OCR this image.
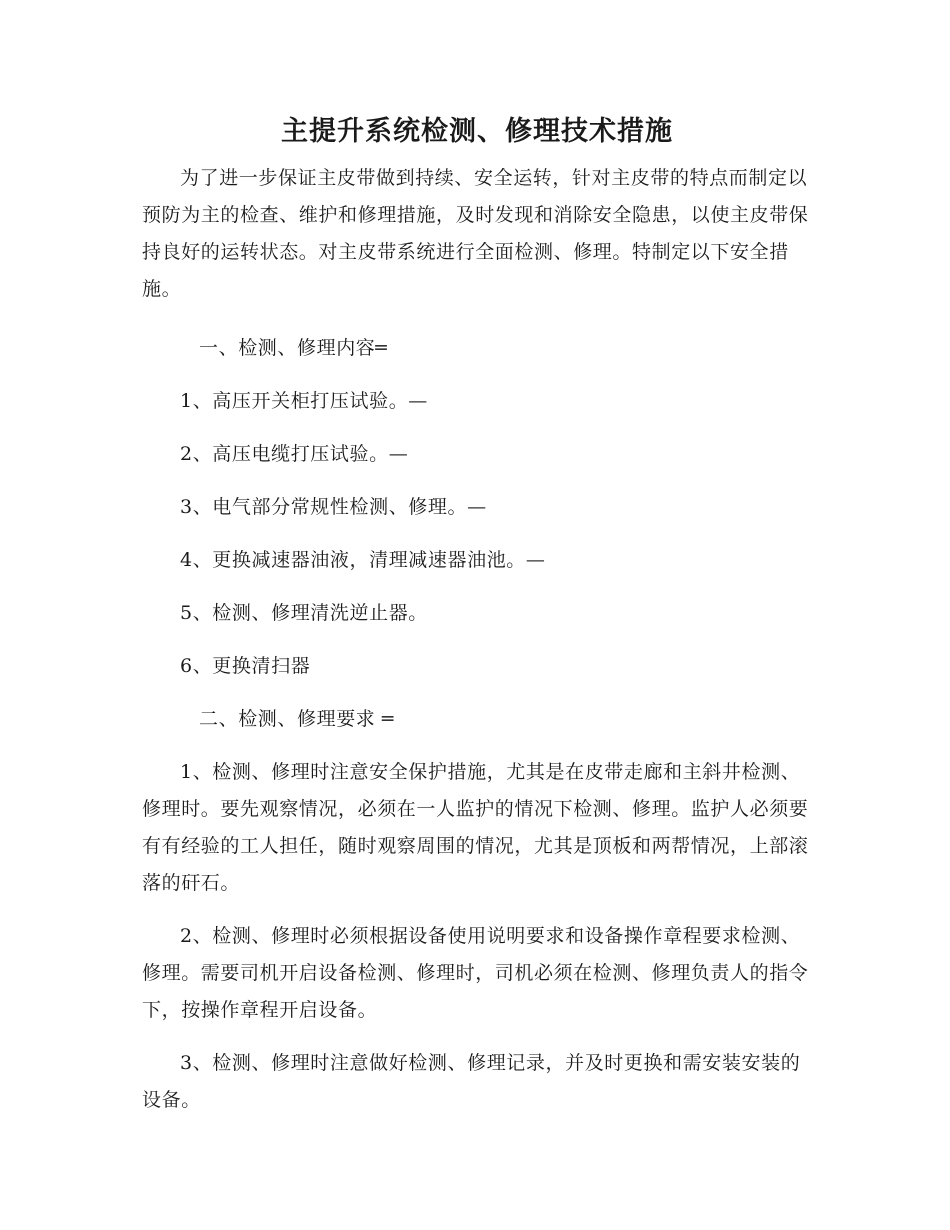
主提升系统检测、修理技术措施

为了进一步保证主皮带做到持续、安全运转，针对主皮带的特点而制定以预防为主的检查、维护和修理措施，及时发现和消除安全隐患，以使主皮带保持良好的运转状态。对主皮带系统进行全面检测、修理。特制定以下安全措施。

一、检测、修理内容═

1、高压开关柜打压试验。—

2、高压电缆打压试验。—

3、电气部分常规性检测、修理。—

4、更换减速器油液，清理减速器油池。—

5、检测、修理清洗逆止器。

6、更换清扫器

二、检测、修理要求 ═

1、检测、修理时注意安全保护措施，尤其是在皮带走廊和主斜井检测、修理时。要先观察情况，必须在一人监护的情况下检测、修理。监护人必须要有有经验的工人担任，随时观察周围的情况，尤其是顶板和两帮情况，上部滚落的矸石。

2、检测、修理时必须根据设备使用说明要求和设备操作章程要求检测、修理。需要司机开启设备检测、修理时，司机必须在检测、修理负责人的指令下，按操作章程开启设备。

3、检测、修理时注意做好检测、修理记录，并及时更换和需安装安装的设备。
